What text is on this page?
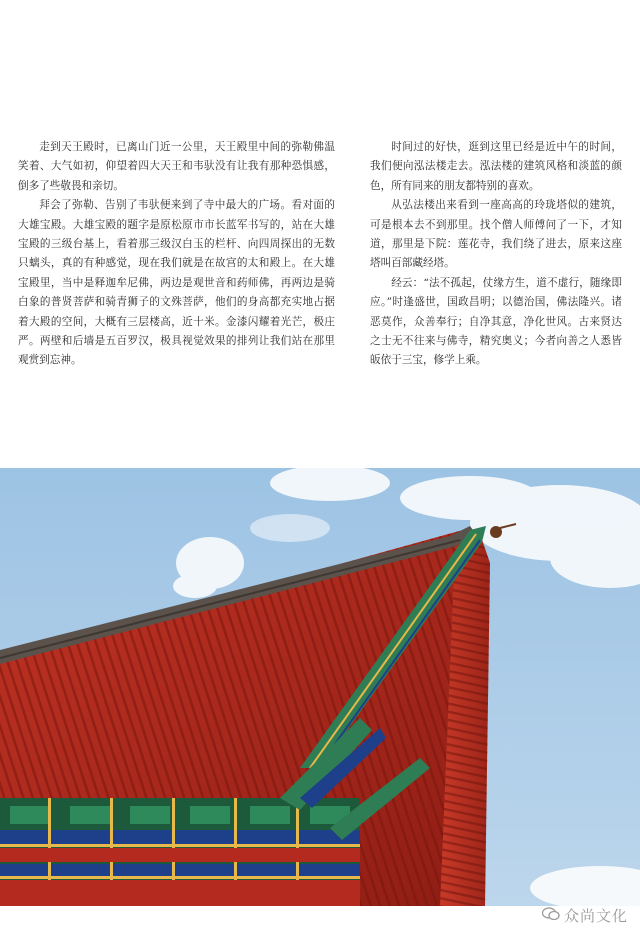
走到天王殿时，已离山门近一公里，天王殿里中间的弥勒佛温笑着、大气如初，仰望着四大天王和韦驮没有让我有那种恐惧感，倒多了些敬畏和亲切。

拜会了弥勒、告别了韦驮便来到了寺中最大的广场。看对面的大雄宝殿。大雄宝殿的题字是原松原市市长蓝军书写的，站在大雄宝殿的三级台基上，看着那三级汉白玉的栏杆、向四周探出的无数只螭头，真的有种感觉，现在我们就是在故宫的太和殿上。在大雄宝殿里，当中是释迦牟尼佛，两边是观世音和药师佛，再两边是骑白象的普贤菩萨和骑青狮子的文殊菩萨，他们的身高都充实地占据着大殿的空间，大概有三层楼高，近十米。金漆闪耀着光芒，极庄严。两壁和后墙是五百罗汉，极具视觉效果的排列让我们站在那里观赏到忘神。

时间过的好快，逛到这里已经是近中午的时间，我们便向泓法楼走去。泓法楼的建筑风格和淡蓝的颜色，所有同来的朋友都特别的喜欢。

从弘法楼出来看到一座高高的玲珑塔似的建筑，可是根本去不到那里。找个僧人师傅问了一下，才知道，那里是下院：莲花寺，我们绕了进去，原来这座塔叫百部藏经塔。

经云：“法不孤起，仗缘方生，道不虚行，随缘即应。”时逢盛世，国政昌明；以德治国，佛法隆兴。诸恶莫作，众善奉行；自净其意，净化世风。古来贤达之士无不往来与佛寺，精究奥义；今者向善之人悉皆皈依于三宝，修学上乘。

众尚文化
